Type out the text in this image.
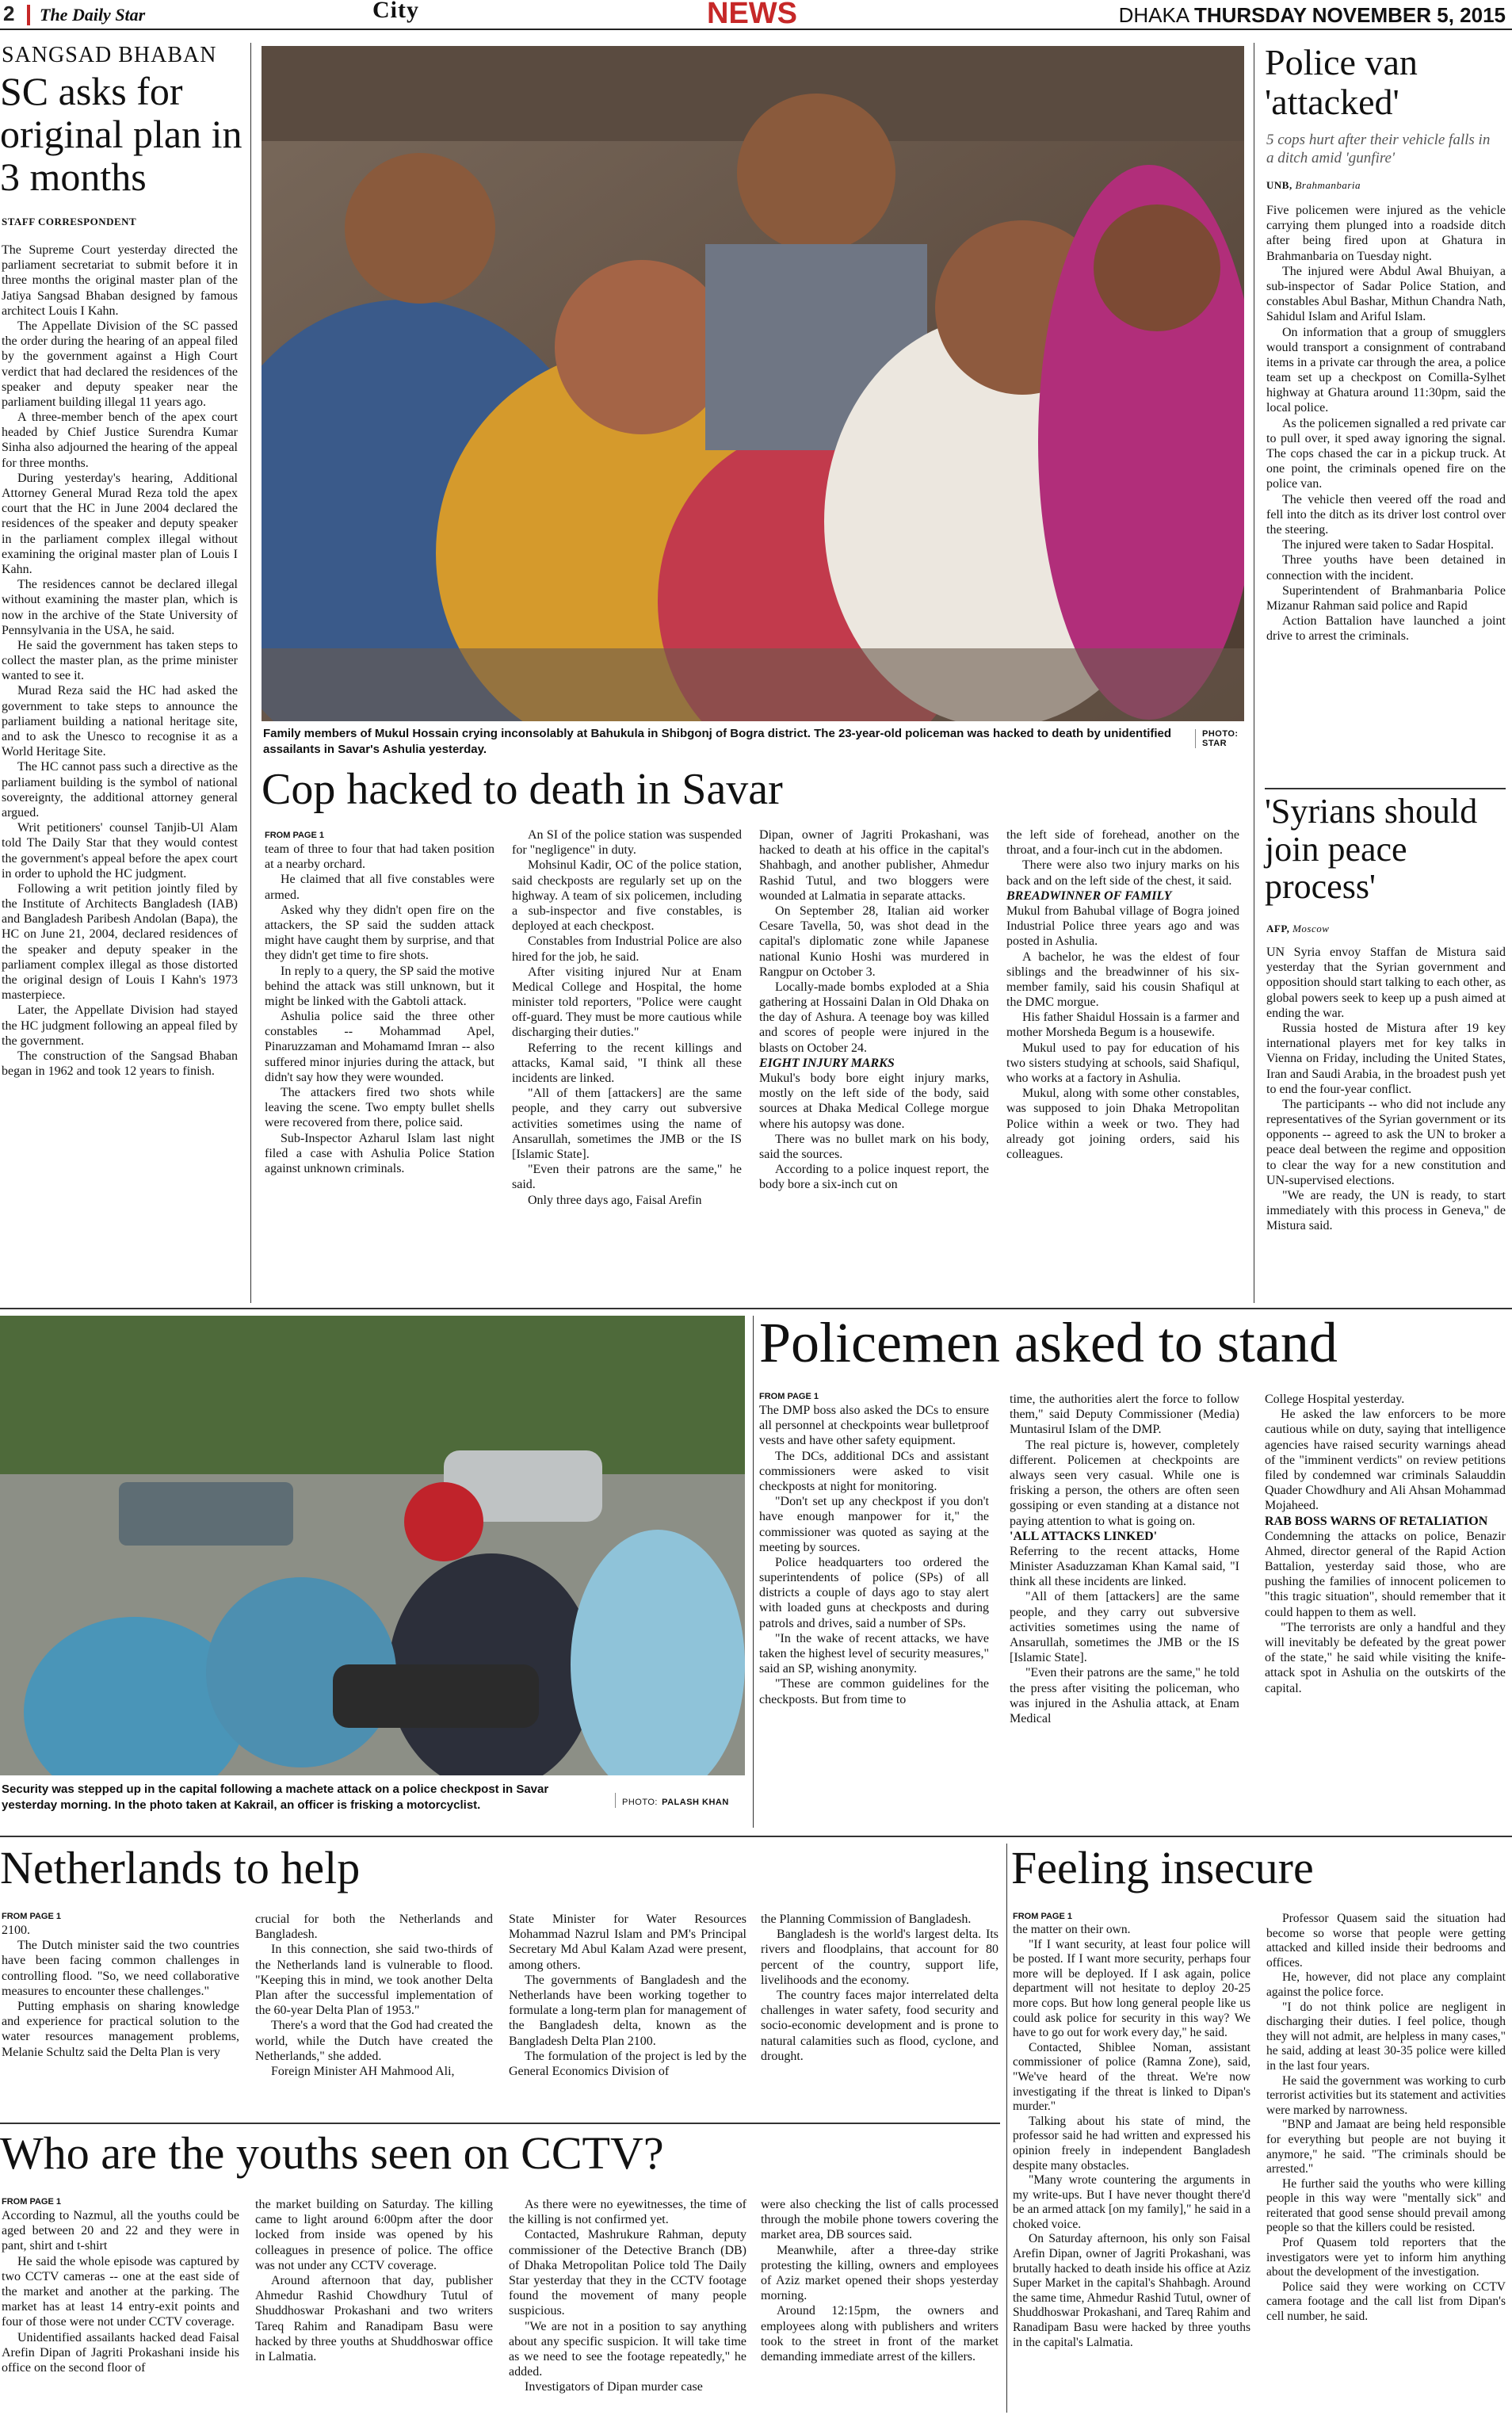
2 The Daily Star	City	NEWS	DHAKA THURSDAY NOVEMBER 5, 2015
SANGSAD BHABAN
SC asks for original plan in 3 months
STAFF CORRESPONDENT

The Supreme Court yesterday directed the parliament secretariat to submit before it in three months the original master plan of the Jatiya Sangsad Bhaban designed by famous architect Louis I Kahn.

The Appellate Division of the SC passed the order during the hearing of an appeal filed by the government against a High Court verdict that had declared the residences of the speaker and deputy speaker near the parliament building illegal 11 years ago.

A three-member bench of the apex court headed by Chief Justice Surendra Kumar Sinha also adjourned the hearing of the appeal for three months.

During yesterday's hearing, Additional Attorney General Murad Reza told the apex court that the HC in June 2004 declared the residences of the speaker and deputy speaker in the parliament complex illegal without examining the original master plan of Louis I Kahn.

The residences cannot be declared illegal without examining the master plan, which is now in the archive of the State University of Pennsylvania in the USA, he said.

He said the government has taken steps to collect the master plan, as the prime minister wanted to see it.

Murad Reza said the HC had asked the government to take steps to announce the parliament building a national heritage site, and to ask the Unesco to recognise it as a World Heritage Site.

The HC cannot pass such a directive as the parliament building is the symbol of national sovereignty, the additional attorney general argued.

Writ petitioners' counsel Tanjib-Ul Alam told The Daily Star that they would contest the government's appeal before the apex court in order to uphold the HC judgment.

Following a writ petition jointly filed by the Institute of Architects Bangladesh (IAB) and Bangladesh Paribesh Andolan (Bapa), the HC on June 21, 2004, declared residences of the speaker and deputy speaker in the parliament complex illegal as those distorted the original design of Louis I Kahn's 1973 masterpiece.

Later, the Appellate Division had stayed the HC judgment following an appeal filed by the government.

The construction of the Sangsad Bhaban began in 1962 and took 12 years to finish.

Family members of Mukul Hossain crying inconsolably at Bahukula in Shibgonj of Bogra district. The 23-year-old policeman was hacked to death by unidentified assailants in Savar's Ashulia yesterday.
PHOTO:
STAR
Cop hacked to death in Savar
FROM PAGE 1

team of three to four that had taken position at a nearby orchard.

He claimed that all five constables were armed.

Asked why they didn't open fire on the attackers, the SP said the sudden attack might have caught them by surprise, and that they didn't get time to fire shots.

In reply to a query, the SP said the motive behind the attack was still unknown, but it might be linked with the Gabtoli attack.

Ashulia police said the three other constables -- Mohammad Apel, Pinaruzzaman and Mohamamd Imran -- also suffered minor injuries during the attack, but didn't say how they were wounded.

The attackers fired two shots while leaving the scene. Two empty bullet shells were recovered from there, police said.

Sub-Inspector Azharul Islam last night filed a case with Ashulia Police Station against unknown criminals.

An SI of the police station was suspended for "negligence" in duty.

Mohsinul Kadir, OC of the police station, said checkposts are regularly set up on the highway. A team of six policemen, including a sub-inspector and five constables, is deployed at each checkpost.

Constables from Industrial Police are also hired for the job, he said.

After visiting injured Nur at Enam Medical College and Hospital, the home minister told reporters, "Police were caught off-guard. They must be more cautious while discharging their duties."

Referring to the recent killings and attacks, Kamal said, "I think all these incidents are linked.

"All of them [attackers] are the same people, and they carry out subversive activities sometimes using the name of Ansarullah, sometimes the JMB or the IS [Islamic State].

"Even their patrons are the same," he said.

Only three days ago, Faisal Arefin

Dipan, owner of Jagriti Prokashani, was hacked to death at his office in the capital's Shahbagh, and another publisher, Ahmedur Rashid Tutul, and two bloggers were wounded at Lalmatia in separate attacks.

On September 28, Italian aid worker Cesare Tavella, 50, was shot dead in the capital's diplomatic zone while Japanese national Kunio Hoshi was murdered in Rangpur on October 3.

Locally-made bombs exploded at a Shia gathering at Hossaini Dalan in Old Dhaka on the day of Ashura. A teenage boy was killed and scores of people were injured in the blasts on October 24.

EIGHT INJURY MARKS

Mukul's body bore eight injury marks, mostly on the left side of the body, said sources at Dhaka Medical College morgue where his autopsy was done.

There was no bullet mark on his body, said the sources.

According to a police inquest report, the body bore a six-inch cut on

the left side of forehead, another on the throat, and a four-inch cut in the abdomen.

There were also two injury marks on his back and on the left side of the chest, it said.

BREADWINNER OF FAMILY

Mukul from Bahubal village of Bogra joined Industrial Police three years ago and was posted in Ashulia.

A bachelor, he was the eldest of four siblings and the breadwinner of his six-member family, said his cousin Shafiqul at the DMC morgue.

His father Shaidul Hossain is a farmer and mother Morsheda Begum is a housewife.

Mukul used to pay for education of his two sisters studying at schools, said Shafiqul, who works at a factory in Ashulia.

Mukul, along with some other constables, was supposed to join Dhaka Metropolitan Police within a week or two. They had already got joining orders, said his colleagues.

Police van 'attacked'
5 cops hurt after their vehicle falls in a ditch amid 'gunfire'
UNB, Brahmanbaria

Five policemen were injured as the vehicle carrying them plunged into a roadside ditch after being fired upon at Ghatura in Brahmanbaria on Tuesday night.

The injured were Abdul Awal Bhuiyan, a sub-inspector of Sadar Police Station, and constables Abul Bashar, Mithun Chandra Nath, Sahidul Islam and Ariful Islam.

On information that a group of smugglers would transport a consignment of contraband items in a private car through the area, a police team set up a checkpost on Comilla-Sylhet highway at Ghatura around 11:30pm, said the local police.

As the policemen signalled a red private car to pull over, it sped away ignoring the signal. The cops chased the car in a pickup truck. At one point, the criminals opened fire on the police van.

The vehicle then veered off the road and fell into the ditch as its driver lost control over the steering.

The injured were taken to Sadar Hospital.

Three youths have been detained in connection with the incident.

Superintendent of Brahmanbaria Police Mizanur Rahman said police and Rapid

Action Battalion have launched a joint drive to arrest the criminals.

'Syrians should join peace process'
AFP, Moscow

UN Syria envoy Staffan de Mistura said yesterday that the Syrian government and opposition should start talking to each other, as global powers seek to keep up a push aimed at ending the war.

Russia hosted de Mistura after 19 key international players met for key talks in Vienna on Friday, including the United States, Iran and Saudi Arabia, in the broadest push yet to end the four-year conflict.

The participants -- who did not include any representatives of the Syrian government or its opponents -- agreed to ask the UN to broker a peace deal between the regime and opposition to clear the way for a new constitution and UN-supervised elections.

"We are ready, the UN is ready, to start immediately with this process in Geneva," de Mistura said.

Security was stepped up in the capital following a machete attack on a police checkpost in Savar yesterday morning. In the photo taken at Kakrail, an officer is frisking a motorcyclist.	PHOTO: PALASH KHAN
Policemen asked to stand
FROM PAGE 1

The DMP boss also asked the DCs to ensure all personnel at checkpoints wear bulletproof vests and have other safety equipment.

The DCs, additional DCs and assistant commissioners were asked to visit checkposts at night for monitoring.

"Don't set up any checkpost if you don't have enough manpower for it," the commissioner was quoted as saying at the meeting by sources.

Police headquarters too ordered the superintendents of police (SPs) of all districts a couple of days ago to stay alert with loaded guns at checkposts and during patrols and drives, said a number of SPs.

"In the wake of recent attacks, we have taken the highest level of security measures," said an SP, wishing anonymity.

"These are common guidelines for the checkposts. But from time to

time, the authorities alert the force to follow them," said Deputy Commissioner (Media) Muntasirul Islam of the DMP.

The real picture is, however, completely different. Policemen at checkpoints are always seen very casual. While one is frisking a person, the others are often seen gossiping or even standing at a distance not paying attention to what is going on.

'ALL ATTACKS LINKED'

Referring to the recent attacks, Home Minister Asaduzzaman Khan Kamal said, "I think all these incidents are linked.

"All of them [attackers] are the same people, and they carry out subversive activities sometimes using the name of Ansarullah, sometimes the JMB or the IS [Islamic State].

"Even their patrons are the same," he told the press after visiting the policeman, who was injured in the Ashulia attack, at Enam Medical

College Hospital yesterday.

He asked the law enforcers to be more cautious while on duty, saying that intelligence agencies have raised security warnings ahead of the "imminent verdicts" on review petitions filed by condemned war criminals Salauddin Quader Chowdhury and Ali Ahsan Mohammad Mojaheed.

RAB BOSS WARNS OF RETALIATION

Condemning the attacks on police, Benazir Ahmed, director general of the Rapid Action Battalion, yesterday said those, who are pushing the families of innocent policemen to "this tragic situation", should remember that it could happen to them as well.

"The terrorists are only a handful and they will inevitably be defeated by the great power of the state," he said while visiting the knife-attack spot in Ashulia on the outskirts of the capital.

Netherlands to help
FROM PAGE 1

2100.

The Dutch minister said the two countries have been facing common challenges in controlling flood. "So, we need collaborative measures to encounter these challenges."

Putting emphasis on sharing knowledge and experience for practical solution to the water resources management problems, Melanie Schultz said the Delta Plan is very

crucial for both the Netherlands and Bangladesh.

In this connection, she said two-thirds of the Netherlands land is vulnerable to flood. "Keeping this in mind, we took another Delta Plan after the successful implementation of the 60-year Delta Plan of 1953."

There's a word that the God had created the world, while the Dutch have created the Netherlands," she added.

Foreign Minister AH Mahmood Ali,

State Minister for Water Resources Mohammad Nazrul Islam and PM's Principal Secretary Md Abul Kalam Azad were present, among others.

The governments of Bangladesh and the Netherlands have been working together to formulate a long-term plan for management of the Bangladesh delta, known as the Bangladesh Delta Plan 2100.

The formulation of the project is led by the General Economics Division of

the Planning Commission of Bangladesh.

Bangladesh is the world's largest delta. Its rivers and floodplains, that account for 80 percent of the country, support life, livelihoods and the economy.

The country faces major interrelated delta challenges in water safety, food security and socio-economic development and is prone to natural calamities such as flood, cyclone, and drought.

Who are the youths seen on CCTV?
FROM PAGE 1

According to Nazmul, all the youths could be aged between 20 and 22 and they were in pant, shirt and t-shirt

He said the whole episode was captured by two CCTV cameras -- one at the east side of the market and another at the parking. The market has at least 14 entry-exit points and four of those were not under CCTV coverage.

Unidentified assailants hacked dead Faisal Arefin Dipan of Jagriti Prokashani inside his office on the second floor of

the market building on Saturday. The killing came to light around 6:00pm after the door locked from inside was opened by his colleagues in presence of police. The office was not under any CCTV coverage.

Around afternoon that day, publisher Ahmedur Rashid Chowdhury Tutul of Shuddhoswar Prokashani and two writers Tareq Rahim and Ranadipam Basu were hacked by three youths at Shuddhoswar office in Lalmatia.

As there were no eyewitnesses, the time of the killing is not confirmed yet.

Contacted, Mashrukure Rahman, deputy commissioner of the Detective Branch (DB) of Dhaka Metropolitan Police told The Daily Star yesterday that they in the CCTV footage found the movement of many people suspicious.

"We are not in a position to say anything about any specific suspicion. It will take time as we need to see the footage repeatedly," he added.

Investigators of Dipan murder case

were also checking the list of calls processed through the mobile phone towers covering the market area, DB sources said.

Meanwhile, after a three-day strike protesting the killing, owners and employees of Aziz market opened their shops yesterday morning.

Around 12:15pm, the owners and employees along with publishers and writers took to the street in front of the market demanding immediate arrest of the killers.

Feeling insecure
FROM PAGE 1

the matter on their own.

"If I want security, at least four police will be posted. If I want more security, perhaps four more will be deployed. If I ask again, police department will not hesitate to deploy 20-25 more cops. But how long general people like us could ask police for security in this way? We have to go out for work every day," he said.

Contacted, Shiblee Noman, assistant commissioner of police (Ramna Zone), said, "We've heard of the threat. We're now investigating if the threat is linked to Dipan's murder."

Talking about his state of mind, the professor said he had written and expressed his opinion freely in independent Bangladesh despite many obstacles.

"Many wrote countering the arguments in my write-ups. But I have never thought there'd be an armed attack [on my family]," he said in a choked voice.

On Saturday afternoon, his only son Faisal Arefin Dipan, owner of Jagriti Prokashani, was brutally hacked to death inside his office at Aziz Super Market in the capital's Shahbagh. Around the same time, Ahmedur Rashid Tutul, owner of Shuddhoswar Prokashani, and Tareq Rahim and Ranadipam Basu were hacked by three youths in the capital's Lalmatia.

Professor Quasem said the situation had become so worse that people were getting attacked and killed inside their bedrooms and offices.

He, however, did not place any complaint against the police force.

"I do not think police are negligent in discharging their duties. I feel police, though they will not admit, are helpless in many cases," he said, adding at least 30-35 police were killed in the last four years.

He said the government was working to curb terrorist activities but its statement and activities were marked by narrowness.

"BNP and Jamaat are being held responsible for everything but people are not buying it anymore," he said. "The criminals should be arrested."

He further said the youths who were killing people in this way were "mentally sick" and reiterated that good sense should prevail among people so that the killers could be resisted.

Prof Quasem told reporters that the investigators were yet to inform him anything about the development of the investigation.

Police said they were working on CCTV camera footage and the call list from Dipan's cell number, he said.
